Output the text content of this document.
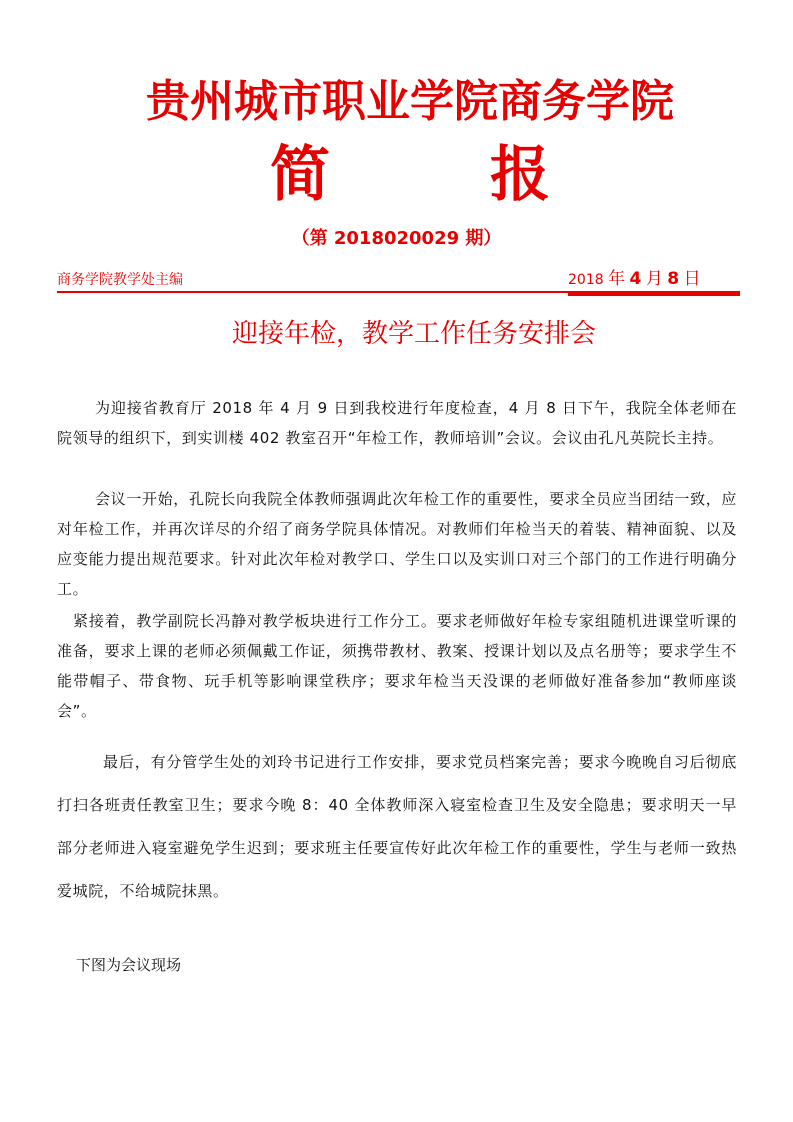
贵州城市职业学院商务学院
简	报
（第 2018020029 期）
商务学院教学处主编	2018 年 4 月 8 日
迎接年检，教学工作任务安排会

为迎接省教育厅 2018 年 4 月 9 日到我校进行年度检查，4 月 8 日下午，我院全体老师在院领导的组织下，到实训楼 402 教室召开“年检工作，教师培训”会议。会议由孔凡英院长主持。

会议一开始，孔院长向我院全体教师强调此次年检工作的重要性，要求全员应当团结一致，应对年检工作，并再次详尽的介绍了商务学院具体情况。对教师们年检当天的着装、精神面貌、以及应变能力提出规范要求。针对此次年检对教学口、学生口以及实训口对三个部门的工作进行明确分工。

紧接着，教学副院长冯静对教学板块进行工作分工。要求老师做好年检专家组随机进课堂听课的准备，要求上课的老师必须佩戴工作证，须携带教材、教案、授课计划以及点名册等；要求学生不能带帽子、带食物、玩手机等影响课堂秩序；要求年检当天没课的老师做好准备参加“教师座谈会”。

最后，有分管学生处的刘玲书记进行工作安排，要求党员档案完善；要求今晚晚自习后彻底打扫各班责任教室卫生；要求今晚 8：40 全体教师深入寝室检查卫生及安全隐患；要求明天一早部分老师进入寝室避免学生迟到；要求班主任要宣传好此次年检工作的重要性，学生与老师一致热爱城院，不给城院抹黑。

下图为会议现场
